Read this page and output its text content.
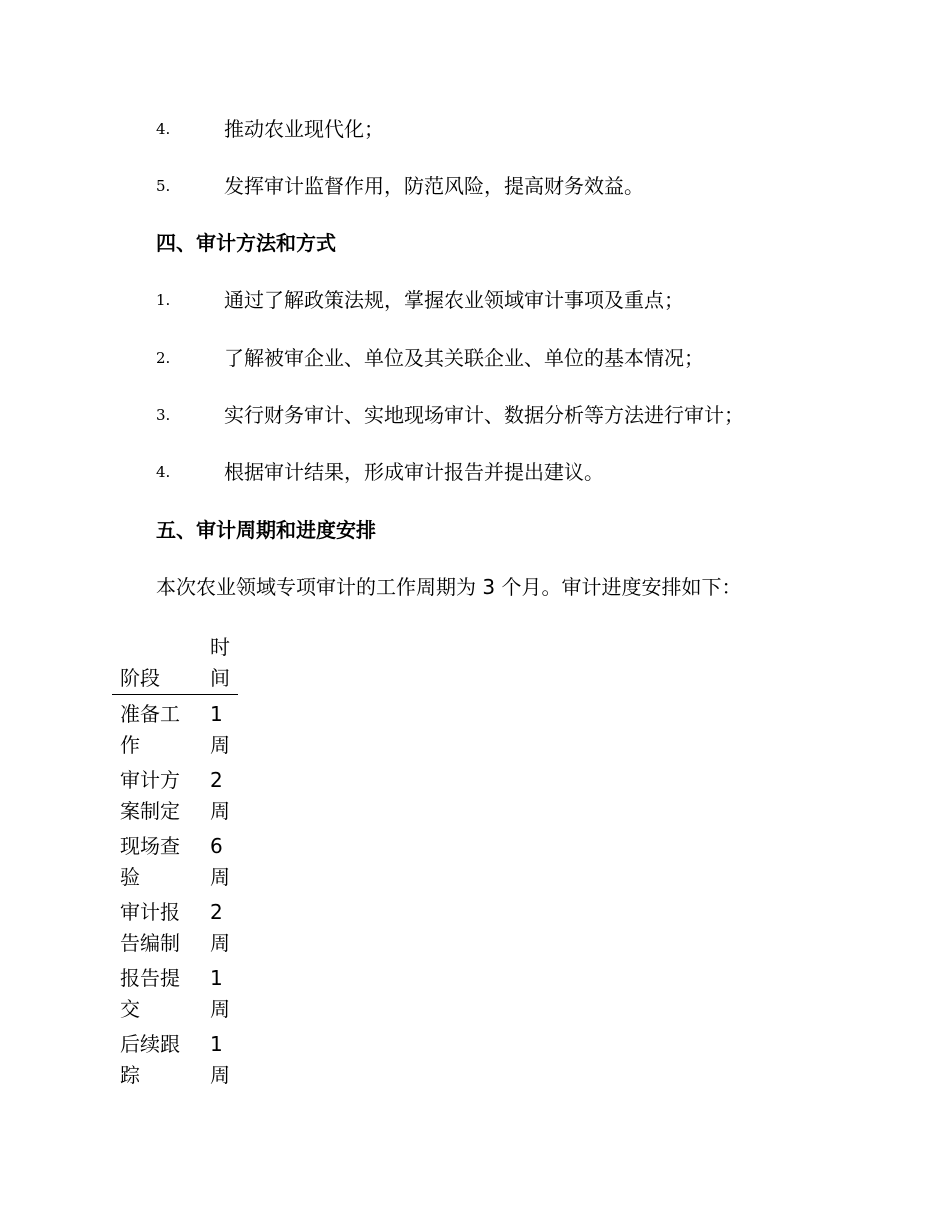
4.	推动农业现代化；
5.	发挥审计监督作用，防范风险，提高财务效益。
四、审计方法和方式
1.	通过了解政策法规，掌握农业领域审计事项及重点；
2.	了解被审企业、单位及其关联企业、单位的基本情况；
3.	实行财务审计、实地现场审计、数据分析等方法进行审计；
4.	根据审计结果，形成审计报告并提出建议。
五、审计周期和进度安排
本次农业领域专项审计的工作周期为 3 个月。审计进度安排如下：
阶段	时间
准备工作	1 周
审计方案制定	2 周
现场查验	6 周
审计报告编制	2 周
报告提交	1 周
后续跟踪	1 周
